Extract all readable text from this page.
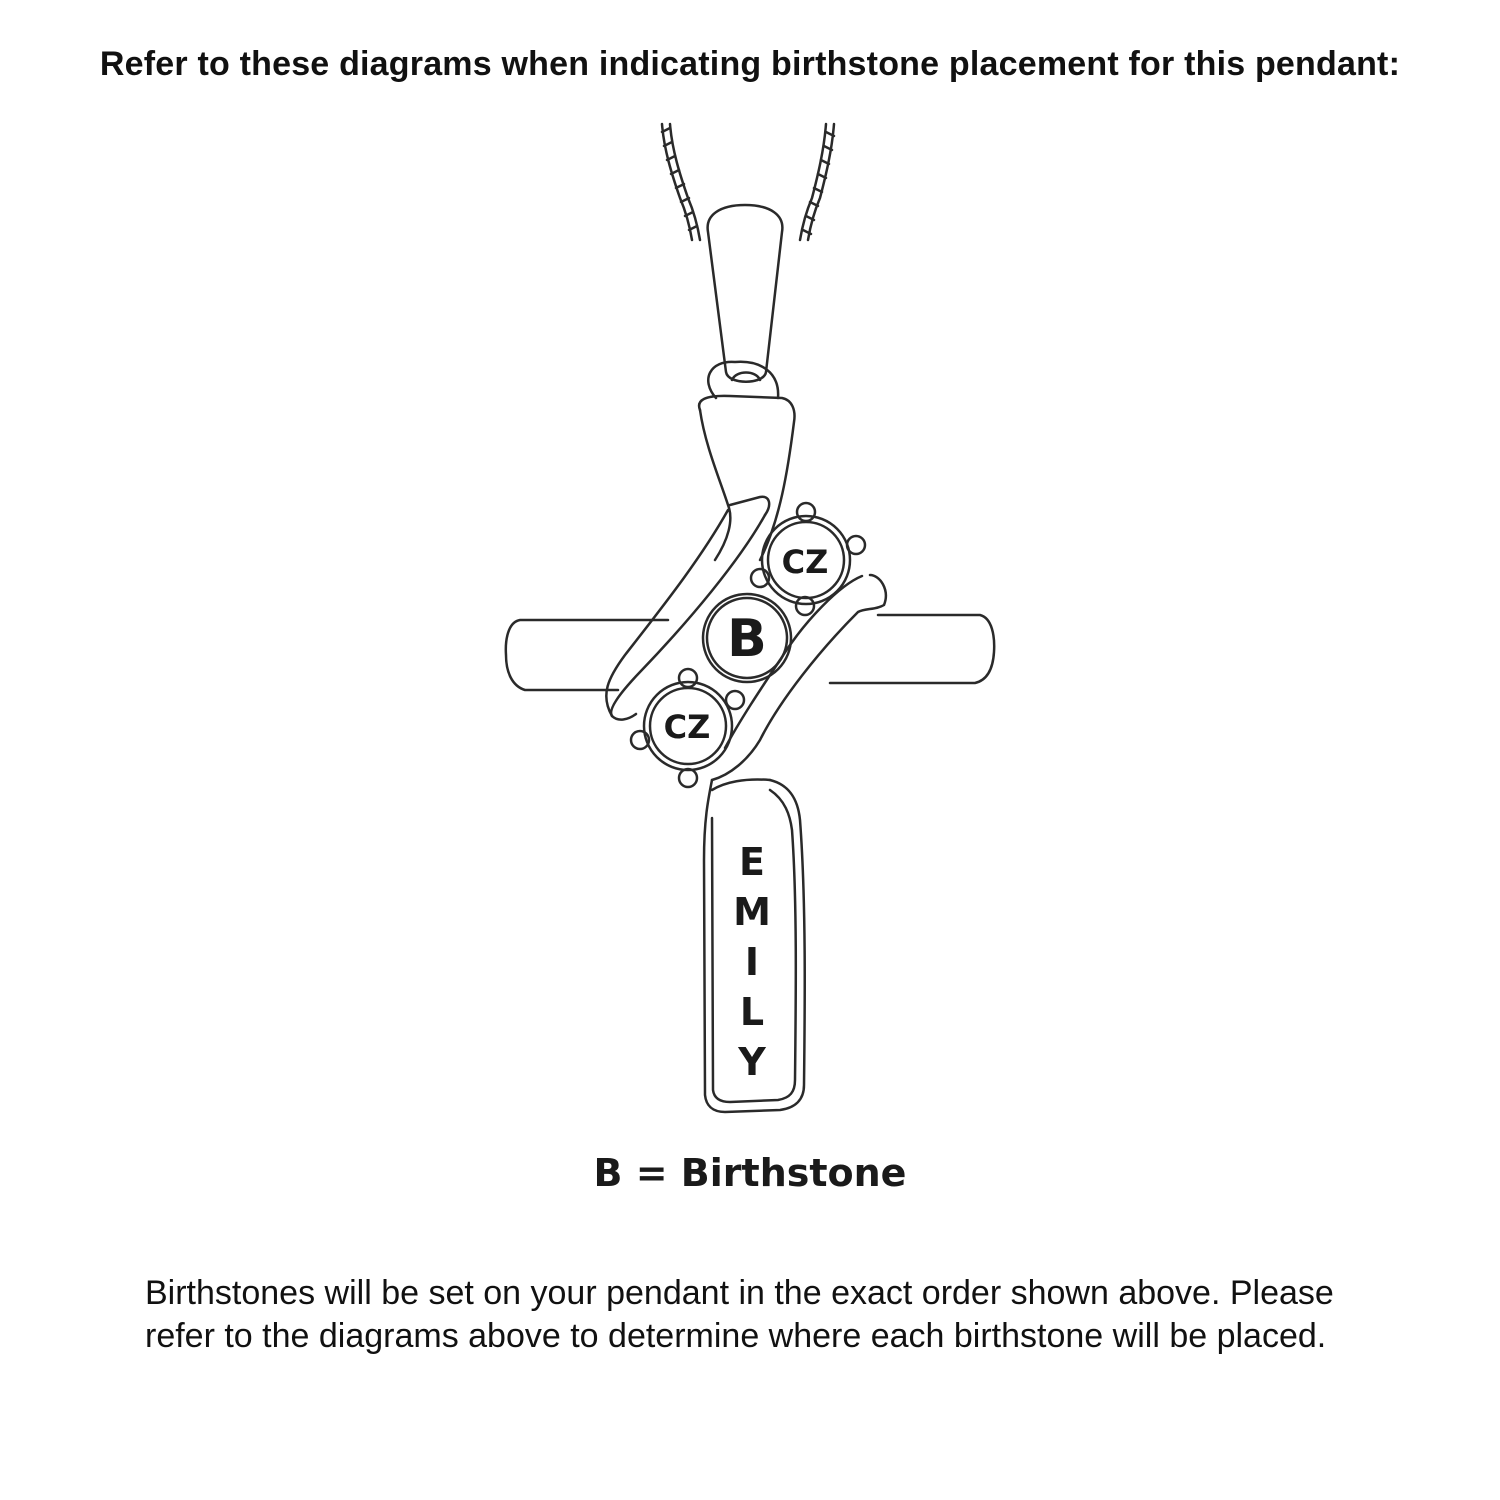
Refer to these diagrams when indicating birthstone placement for this pendant:
CZ
B
CZ
E
M
I
L
Y
B = Birthstone
Birthstones will be set on your pendant in the exact order shown above. Please refer to the diagrams above to determine where each birthstone will be placed.
